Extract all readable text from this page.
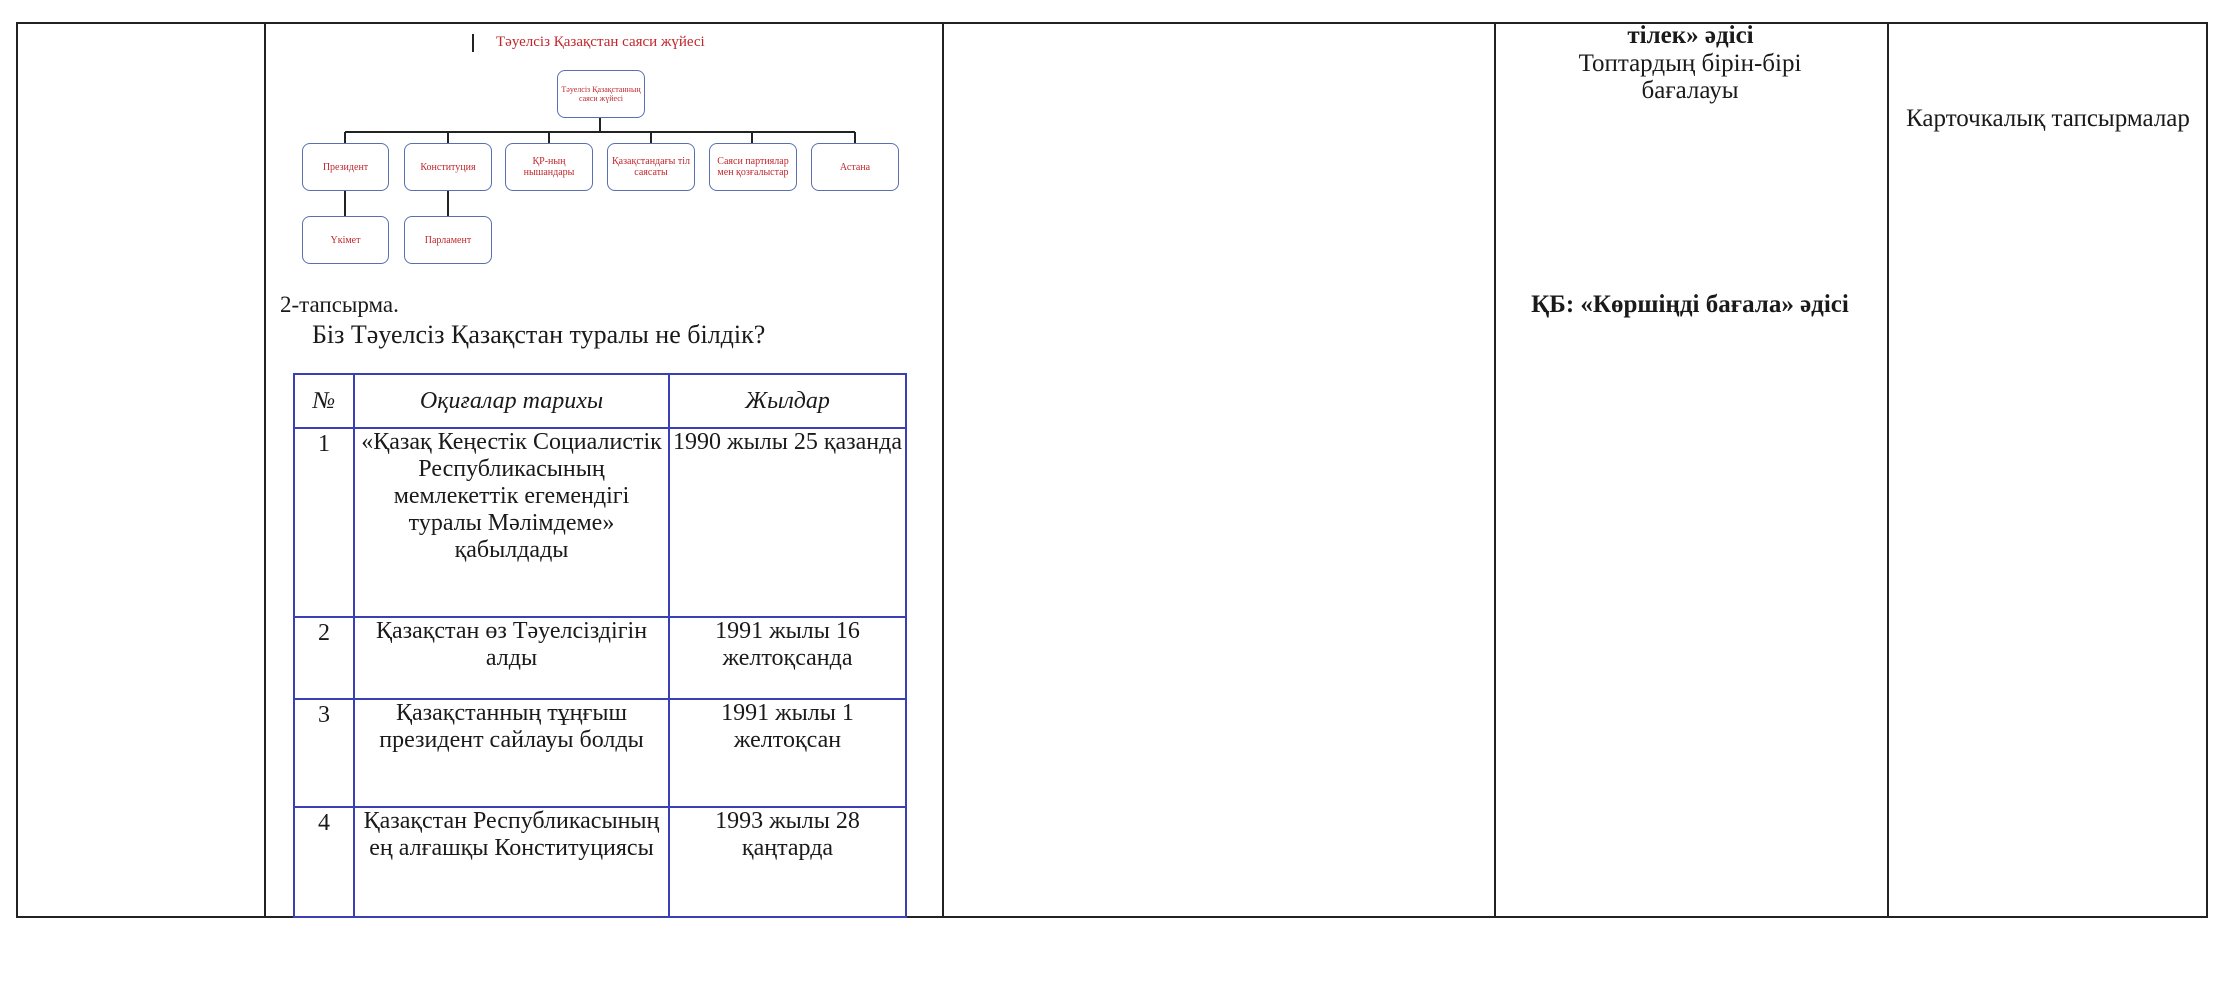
Тәуелсіз Қазақстан саяси жүйесі
Тәуелсіз Қазақстанның саяси жүйесі
Президент	Конституция	ҚР-ның нышандары
Қазақстандағы тіл саясаты
Саяси партиялар мен қозғалыстар	Астана
Үкімет	Парламент
2-тапсырма.
Біз Тәуелсіз Қазақстан туралы не білдік?
№	Оқиғалар тарихы	Жылдар
1	«Қазақ Кеңестік Социалистік Республикасының мемлекеттік егемендігі туралы Мәлімдеме» қабылдады	1990 жылы 25 қазанда
2	Қазақстан өз Тәуелсіздігін алды	1991 жылы 16 желтоқсанда
3	Қазақстанның тұңғыш президент сайлауы болды	1991 жылы 1 желтоқсан
4	Қазақстан Республикасының ең алғашқы Конституциясы	1993 жылы 28 қаңтарда
тілек» әдісі
Топтардың бірін-бірі бағалауы
ҚБ: «Көршіңді бағала» әдісі
Карточкалық тапсырмалар
